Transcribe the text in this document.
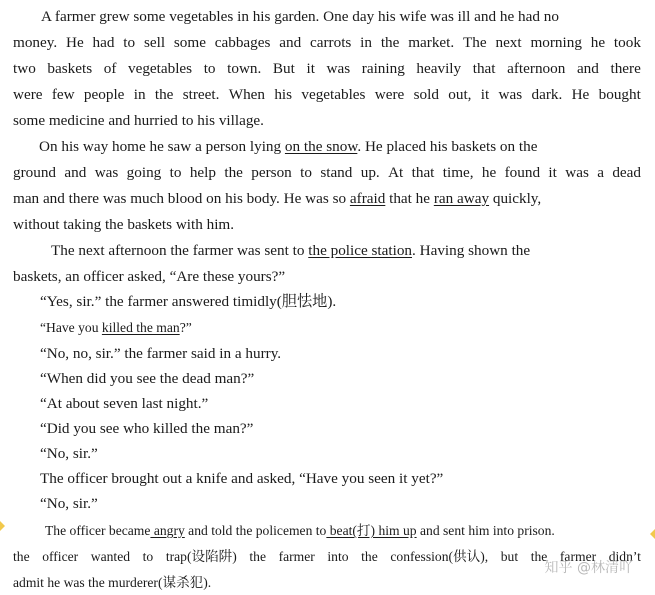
A farmer grew some vegetables in his garden. One day his wife was ill and he had no
money. He had to sell some cabbages and carrots in the market. The next morning he took
two baskets of vegetables to town. But it was raining heavily that afternoon and there
were few people in the street. When his vegetables were sold out, it was dark. He bought
some medicine and hurried to his village.
On his way home he saw a person lying on the snow. He placed his baskets on the
ground and was going to help the person to stand up. At that time, he found it was a dead
man and there was much blood on his body. He was so afraid that he ran away quickly,
without taking the baskets with him.
The next afternoon the farmer was sent to the police station. Having shown the
baskets, an officer asked, “Are these yours?”
“Yes, sir.” the farmer answered timidly(胆怯地).
“Have you killed the man?”
“No, no, sir.” the farmer said in a hurry.
“When did you see the dead man?”
“At about seven last night.”
“Did you see who killed the man?”
“No, sir.”
The officer brought out a knife and asked, “Have you seen it yet?”
“No, sir.”
The officer became angry and told the policemen to beat(打) him up and sent him into prison.
the officer wanted to trap(设陷阱) the farmer into the confession(供认), but the farmer didn’t
admit he was the murderer(谋杀犯).
知乎 @林清吖
